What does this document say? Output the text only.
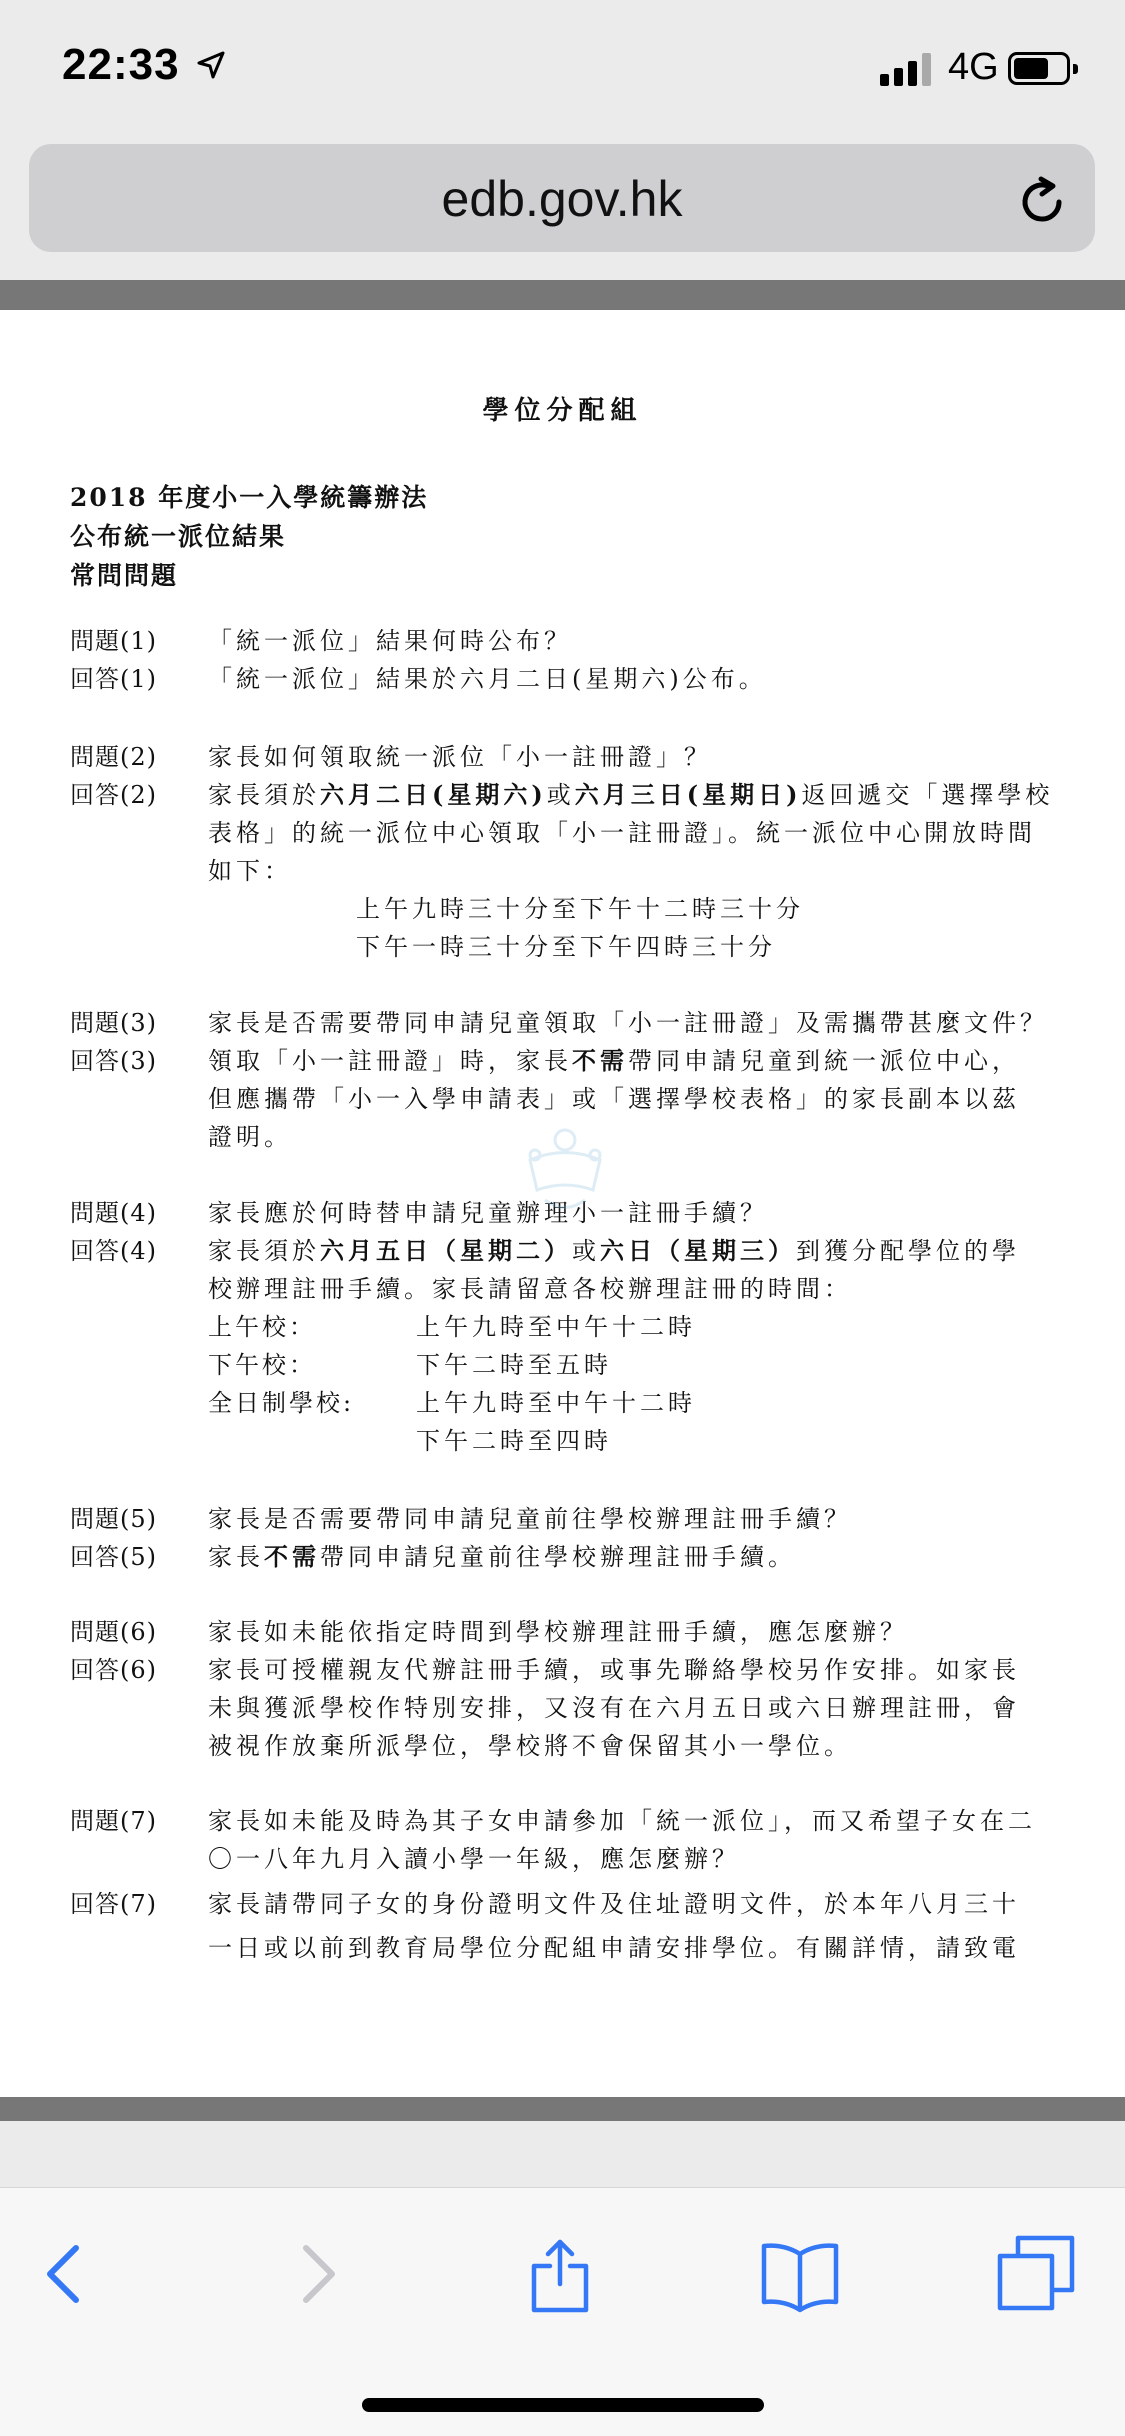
22:33	4G
edb.gov.hk
學位分配組
2018 年度小一入學統籌辦法
公布統一派位結果
常問問題
問題(1) 「統一派位」結果何時公布？
回答(1) 「統一派位」結果於六月二日(星期六)公布。
問題(2) 家長如何領取統一派位「小一註冊證」？
回答(2) 家長須於六月二日(星期六)或六月三日(星期日)返回遞交「選擇學校
表格」的統一派位中心領取「小一註冊證」。統一派位中心開放時間
如下：
上午九時三十分至下午十二時三十分
下午一時三十分至下午四時三十分
問題(3) 家長是否需要帶同申請兒童領取「小一註冊證」及需攜帶甚麼文件？
回答(3) 領取「小一註冊證」時，家長不需帶同申請兒童到統一派位中心，
但應攜帶「小一入學申請表」或「選擇學校表格」的家長副本以茲
證明。
問題(4) 家長應於何時替申請兒童辦理小一註冊手續？
回答(4) 家長須於六月五日（星期二）或六日（星期三）到獲分配學位的學
校辦理註冊手續。家長請留意各校辦理註冊的時間：
上午校：	上午九時至中午十二時
下午校：	下午二時至五時
全日制學校:	上午九時至中午十二時
下午二時至四時
問題(5) 家長是否需要帶同申請兒童前往學校辦理註冊手續？
回答(5) 家長不需帶同申請兒童前往學校辦理註冊手續。
問題(6) 家長如未能依指定時間到學校辦理註冊手續，應怎麼辦？
回答(6) 家長可授權親友代辦註冊手續，或事先聯絡學校另作安排。如家長
未與獲派學校作特別安排，又沒有在六月五日或六日辦理註冊，會
被視作放棄所派學位，學校將不會保留其小一學位。
問題(7) 家長如未能及時為其子女申請參加「統一派位」，而又希望子女在二
〇一八年九月入讀小學一年級，應怎麼辦？
回答(7) 家長請帶同子女的身份證明文件及住址證明文件，於本年八月三十
一日或以前到教育局學位分配組申請安排學位。有關詳情，請致電
